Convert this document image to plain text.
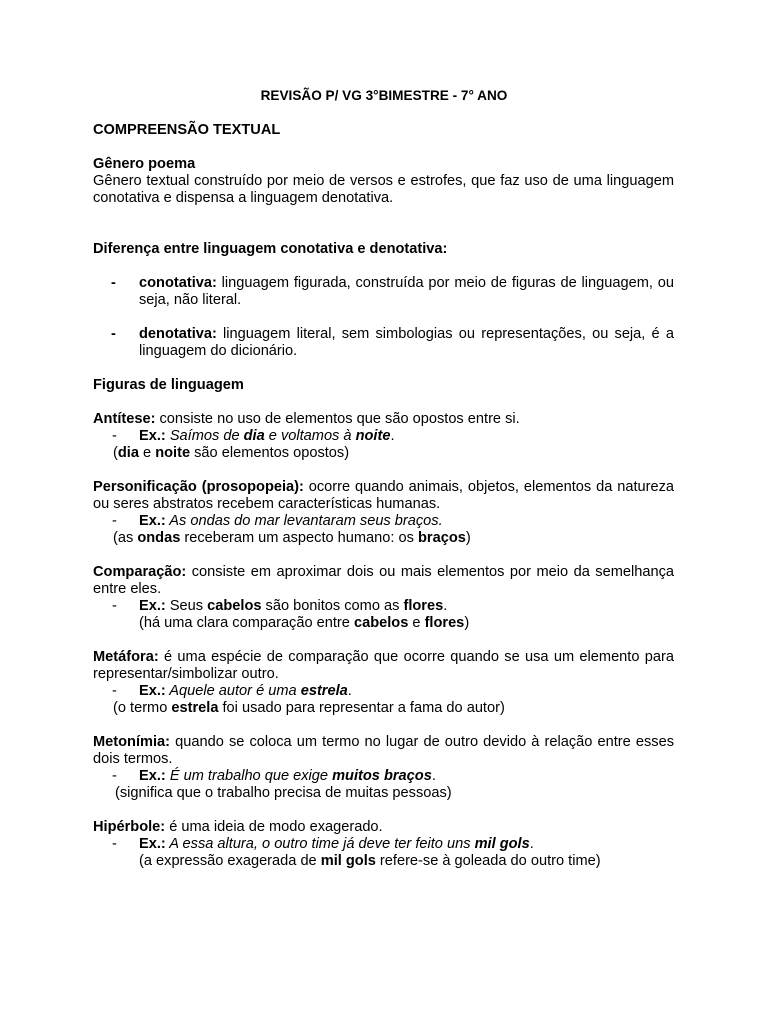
REVISÃO P/ VG 3°BIMESTRE - 7° ANO
COMPREENSÃO TEXTUAL
Gênero poema

Gênero textual construído por meio de versos e estrofes, que faz uso de uma linguagem conotativa e dispensa a linguagem denotativa.

Diferença entre linguagem conotativa e denotativa:
- conotativa: linguagem figurada, construída por meio de figuras de linguagem, ou seja, não literal.
- denotativa: linguagem literal, sem simbologias ou representações, ou seja, é a linguagem do dicionário.
Figuras de linguagem

Antítese: consiste no uso de elementos que são opostos entre si.

- Ex.: Saímos de dia e voltamos à noite.
(dia e noite são elementos opostos)

Personificação (prosopopeia): ocorre quando animais, objetos, elementos da natureza ou seres abstratos recebem características humanas.

- Ex.: As ondas do mar levantaram seus braços.
(as ondas receberam um aspecto humano: os braços)

Comparação: consiste em aproximar dois ou mais elementos por meio da semelhança entre eles.

- Ex.: Seus cabelos são bonitos como as flores.
(há uma clara comparação entre cabelos e flores)

Metáfora: é uma espécie de comparação que ocorre quando se usa um elemento para representar/simbolizar outro.

- Ex.: Aquele autor é uma estrela.
(o termo estrela foi usado para representar a fama do autor)

Metonímia: quando se coloca um termo no lugar de outro devido à relação entre esses dois termos.

- Ex.: É um trabalho que exige muitos braços.
(significa que o trabalho precisa de muitas pessoas)

Hipérbole: é uma ideia de modo exagerado.

- Ex.: A essa altura, o outro time já deve ter feito uns mil gols.
(a expressão exagerada de mil gols refere-se à goleada do outro time)
